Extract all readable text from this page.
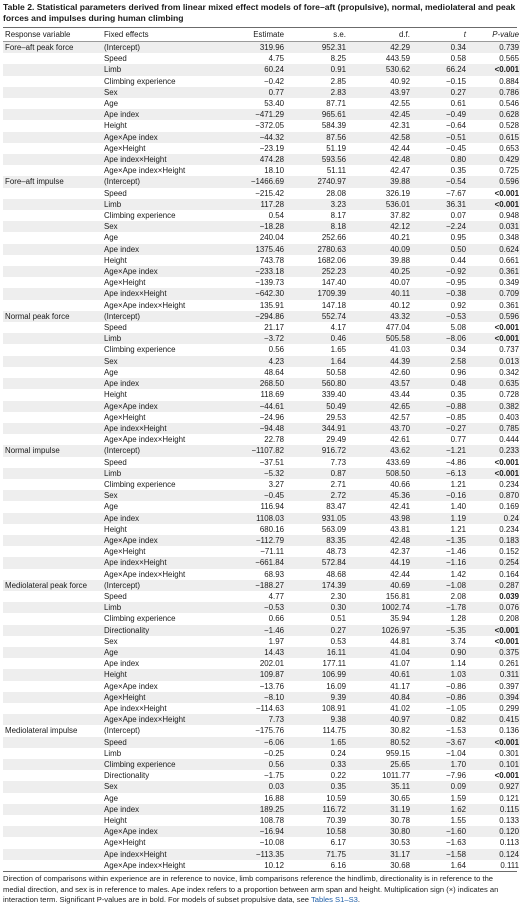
Table 2. Statistical parameters derived from linear mixed effect models of fore–aft (propulsive), normal, mediolateral and peak forces and impulses during human climbing
Response variable	Fixed effects	Estimate	s.e.	d.f.	t	P-value
Fore–aft peak force	(Intercept)	319.96	952.31	42.29	0.34	0.739
	Speed	4.75	8.25	443.59	0.58	0.565
	Limb	60.24	0.91	530.62	66.24	<0.001
	Climbing experience	−0.42	2.85	40.92	−0.15	0.884
	Sex	0.77	2.83	43.97	0.27	0.786
	Age	53.40	87.71	42.55	0.61	0.546
	Ape index	−471.29	965.61	42.45	−0.49	0.628
	Height	−372.05	584.39	42.31	−0.64	0.528
	Age×Ape index	−44.32	87.56	42.58	−0.51	0.615
	Age×Height	−23.19	51.19	42.44	−0.45	0.653
	Ape index×Height	474.28	593.56	42.48	0.80	0.429
	Age×Ape index×Height	18.10	51.11	42.47	0.35	0.725
Fore–aft impulse	(Intercept)	−1466.69	2740.97	39.88	−0.54	0.596
	Speed	−215.42	28.08	326.19	−7.67	<0.001
	Limb	117.28	3.23	536.01	36.31	<0.001
	Climbing experience	0.54	8.17	37.82	0.07	0.948
	Sex	−18.28	8.18	42.12	−2.24	0.031
	Age	240.04	252.66	40.21	0.95	0.348
	Ape index	1375.46	2780.63	40.09	0.50	0.624
	Height	743.78	1682.06	39.88	0.44	0.661
	Age×Ape index	−233.18	252.23	40.25	−0.92	0.361
	Age×Height	−139.73	147.40	40.07	−0.95	0.349
	Ape index×Height	−642.30	1709.39	40.11	−0.38	0.709
	Age×Ape index×Height	135.91	147.18	40.12	0.92	0.361
Normal peak force	(Intercept)	−294.86	552.74	43.32	−0.53	0.596
	Speed	21.17	4.17	477.04	5.08	<0.001
	Limb	−3.72	0.46	505.58	−8.06	<0.001
	Climbing experience	0.56	1.65	41.03	0.34	0.737
	Sex	4.23	1.64	44.39	2.58	0.013
	Age	48.64	50.58	42.60	0.96	0.342
	Ape index	268.50	560.80	43.57	0.48	0.635
	Height	118.69	339.40	43.44	0.35	0.728
	Age×Ape index	−44.61	50.49	42.65	−0.88	0.382
	Age×Height	−24.96	29.53	42.57	−0.85	0.403
	Ape index×Height	−94.48	344.91	43.70	−0.27	0.785
	Age×Ape index×Height	22.78	29.49	42.61	0.77	0.444
Normal impulse	(Intercept)	−1107.82	916.72	43.62	−1.21	0.233
	Speed	−37.51	7.73	433.69	−4.86	<0.001
	Limb	−5.32	0.87	508.50	−6.13	<0.001
	Climbing experience	3.27	2.71	40.66	1.21	0.234
	Sex	−0.45	2.72	45.36	−0.16	0.870
	Age	116.94	83.47	42.41	1.40	0.169
	Ape index	1108.03	931.05	43.98	1.19	0.24
	Height	680.16	563.09	43.81	1.21	0.234
	Age×Ape index	−112.79	83.35	42.48	−1.35	0.183
	Age×Height	−71.11	48.73	42.37	−1.46	0.152
	Ape index×Height	−661.84	572.84	44.19	−1.16	0.254
	Age×Ape index×Height	68.93	48.68	42.44	1.42	0.164
Mediolateral peak force	(Intercept)	−188.27	174.39	40.69	−1.08	0.287
	Speed	4.77	2.30	156.81	2.08	0.039
	Limb	−0.53	0.30	1002.74	−1.78	0.076
	Climbing experience	0.66	0.51	35.94	1.28	0.208
	Directionality	−1.46	0.27	1026.97	−5.35	<0.001
	Sex	1.97	0.53	44.81	3.74	<0.001
	Age	14.43	16.11	41.04	0.90	0.375
	Ape index	202.01	177.11	41.07	1.14	0.261
	Height	109.87	106.99	40.61	1.03	0.311
	Age×Ape index	−13.76	16.09	41.17	−0.86	0.397
	Age×Height	−8.10	9.39	40.84	−0.86	0.394
	Ape index×Height	−114.63	108.91	41.02	−1.05	0.299
	Age×Ape index×Height	7.73	9.38	40.97	0.82	0.415
Mediolateral impulse	(Intercept)	−175.76	114.75	30.82	−1.53	0.136
	Speed	−6.06	1.65	80.52	−3.67	<0.001
	Limb	−0.25	0.24	959.15	−1.04	0.301
	Climbing experience	0.56	0.33	25.65	1.70	0.101
	Directionality	−1.75	0.22	1011.77	−7.96	<0.001
	Sex	0.03	0.35	35.11	0.09	0.927
	Age	16.88	10.59	30.65	1.59	0.121
	Ape index	189.25	116.72	31.19	1.62	0.115
	Height	108.78	70.39	30.78	1.55	0.133
	Age×Ape index	−16.94	10.58	30.80	−1.60	0.120
	Age×Height	−10.08	6.17	30.53	−1.63	0.113
	Ape index×Height	−113.35	71.75	31.17	−1.58	0.124
	Age×Ape index×Height	10.12	6.16	30.68	1.64	0.111
Direction of comparisons within experience are in reference to novice, limb comparisons reference the hindlimb, directionality is in reference to the medial direction, and sex is in reference to males. Ape index refers to a proportion between arm span and height. Multiplication sign (×) indicates an interaction term. Significant P-values are in bold. For models of subset propulsive data, see Tables S1–S3.
